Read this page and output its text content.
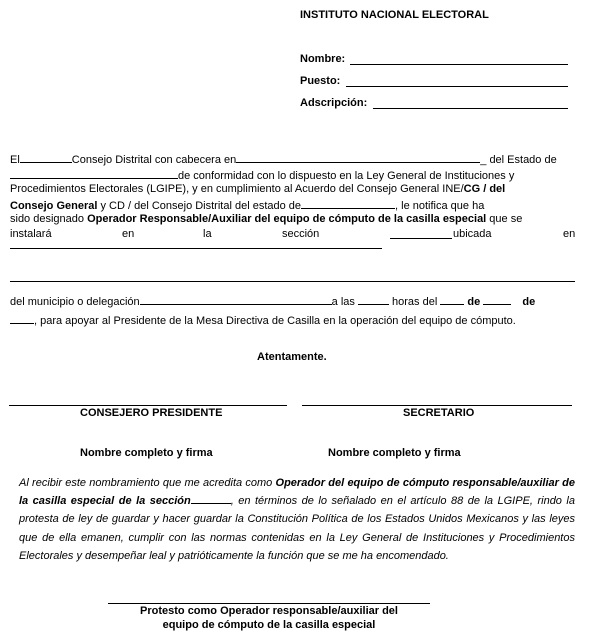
INSTITUTO NACIONAL ELECTORAL
Nombre:
Puesto:
Adscripción:
El	Consejo Distrital con cabecera en	_ del Estado de
de conformidad con lo dispuesto en la Ley General de Instituciones y
Procedimientos Electorales (LGIPE), y en cumplimiento al Acuerdo del Consejo General INE/CG / del
Consejo General y CD / del Consejo Distrital del estado de	, le notifica que ha
sido designado Operador Responsable/Auxiliar del equipo de cómputo de la casilla especial que se
instalará	en	la	sección	ubicada	en
del municipio o delegación	a las	horas del	de	de
, para apoyar al Presidente de la Mesa Directiva de Casilla en la operación del equipo de cómputo.
Atentamente.
CONSEJERO PRESIDENTE	SECRETARIO
Nombre completo y firma	Nombre completo y firma
Al recibir este nombramiento que me acredita como Operador del equipo de cómputo responsable/auxiliar de la casilla especial de la sección	, en términos de lo señalado en el artículo 88 de la LGIPE, rindo la protesta de ley de guardar y hacer guardar la Constitución Política de los Estados Unidos Mexicanos y las leyes que de ella emanen, cumplir con las normas contenidas en la Ley General de Instituciones y Procedimientos Electorales y desempeñar leal y patrióticamente la función que se me ha encomendado.
Protesto como Operador responsable/auxiliar del
equipo de cómputo de la casilla especial
